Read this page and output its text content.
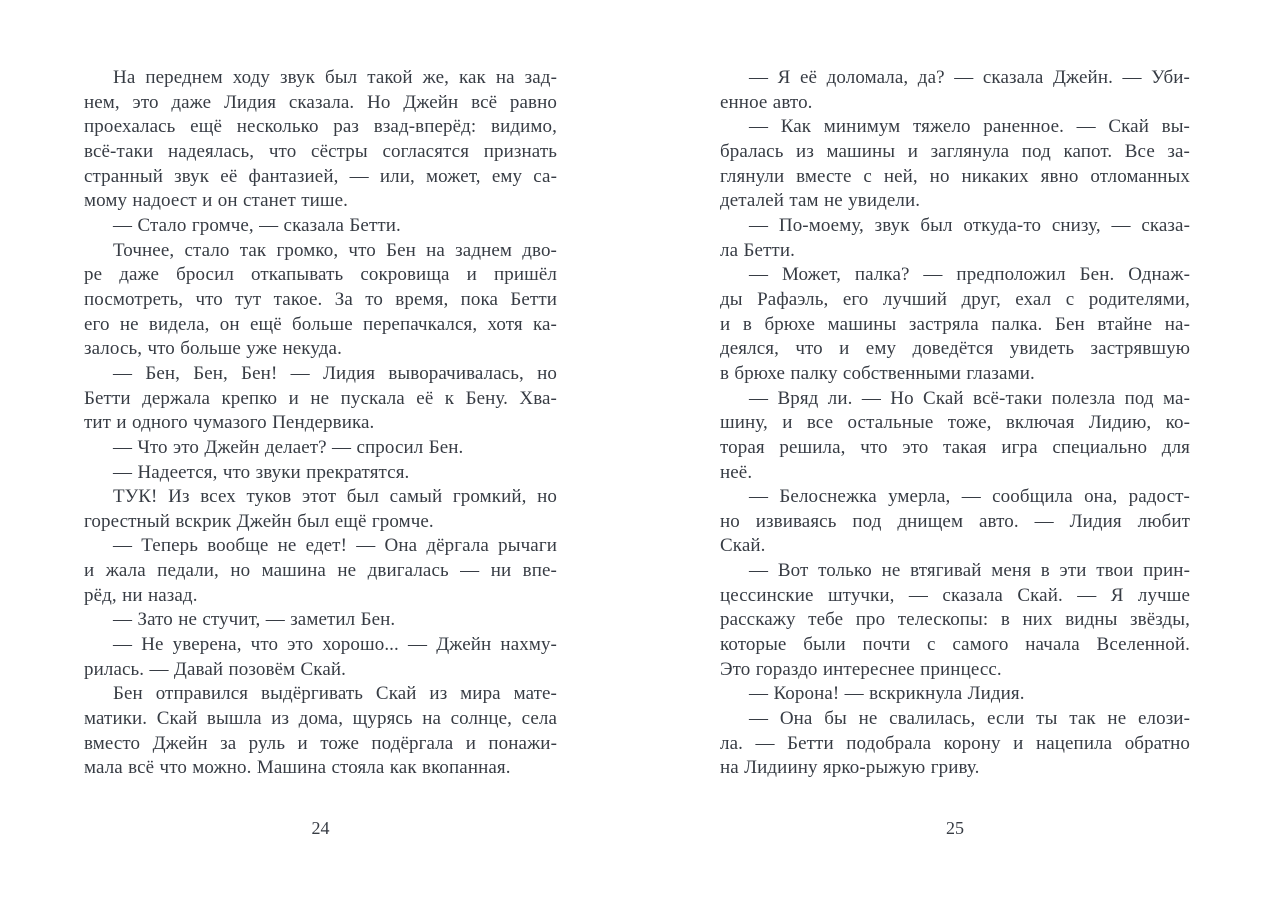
На переднем ходу звук был такой же, как на зад-
нем, это даже Лидия сказала. Но Джейн всё равно
проехалась ещё несколько раз взад-вперёд: видимо,
всё-таки надеялась, что сёстры согласятся признать
странный звук её фантазией, — или, может, ему са-
мому надоест и он станет тише.
— Стало громче, — сказала Бетти.
Точнее, стало так громко, что Бен на заднем дво-
ре даже бросил откапывать сокровища и пришёл
посмотреть, что тут такое. За то время, пока Бетти
его не видела, он ещё больше перепачкался, хотя ка-
залось, что больше уже некуда.
— Бен, Бен, Бен! — Лидия выворачивалась, но
Бетти держала крепко и не пускала её к Бену. Хва-
тит и одного чумазого Пендервика.
— Что это Джейн делает? — спросил Бен.
— Надеется, что звуки прекратятся.
ТУК! Из всех туков этот был самый громкий, но
горестный вскрик Джейн был ещё громче.
— Теперь вообще не едет! — Она дёргала рычаги
и жала педали, но машина не двигалась — ни впе-
рёд, ни назад.
— Зато не стучит, — заметил Бен.
— Не уверена, что это хорошо... — Джейн нахму-
рилась. — Давай позовём Скай.
Бен отправился выдёргивать Скай из мира мате-
матики. Скай вышла из дома, щурясь на солнце, села
вместо Джейн за руль и тоже подёргала и понажи-
мала всё что можно. Машина стояла как вкопанная.
— Я её доломала, да? — сказала Джейн. — Уби-
енное авто.
— Как минимум тяжело раненное. — Скай вы-
бралась из машины и заглянула под капот. Все за-
глянули вместе с ней, но никаких явно отломанных
деталей там не увидели.
— По-моему, звук был откуда-то снизу, — сказа-
ла Бетти.
— Может, палка? — предположил Бен. Однаж-
ды Рафаэль, его лучший друг, ехал с родителями,
и в брюхе машины застряла палка. Бен втайне на-
деялся, что и ему доведётся увидеть застрявшую
в брюхе палку собственными глазами.
— Вряд ли. — Но Скай всё-таки полезла под ма-
шину, и все остальные тоже, включая Лидию, ко-
торая решила, что это такая игра специально для
неё.
— Белоснежка умерла, — сообщила она, радост-
но извиваясь под днищем авто. — Лидия любит
Скай.
— Вот только не втягивай меня в эти твои прин-
цессинские штучки, — сказала Скай. — Я лучше
расскажу тебе про телескопы: в них видны звёзды,
которые были почти с самого начала Вселенной.
Это гораздо интереснее принцесс.
— Корона! — вскрикнула Лидия.
— Она бы не свалилась, если ты так не елози-
ла. — Бетти подобрала корону и нацепила обратно
на Лидиину ярко-рыжую гриву.
24	25
